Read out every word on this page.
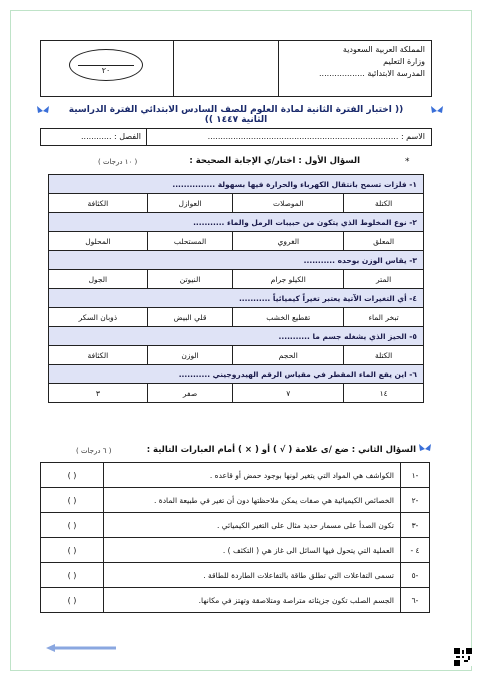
٢٠
المملكة العربية السعودية
وزارة التعليم
المدرسة الابتدائية ..................
(( اختبار الفترة الثانية لمادة العلوم للصف السادس الابتدائي الفترة الدراسية الثانية ١٤٤٧ ))
الاسم : ...........................................................................
الفصل : ............
السؤال الأول : اختار/ي الإجابة الصحيحة :
( ١٠ درجات )	*
١- فلزات تسمح بانتقال الكهرباء والحرارة فيها بسهولة ...............			
الكتلة	الموصلات	العوازل	الكثافة
٢- نوع المخلوط الذي يتكون من حبيبات الرمل والماء ...........			
المعلق	الغروي	المستحلب	المحلول
٣- يقاس الوزن بوحده ...........			
المتر	الكيلو جرام	النيوتن	الجول
٤- أي التغيرات الآتية يعتبر تغيراً كيميائياً ...........			
تبخر الماء	تقطيع الخشب	قلي البيض	ذوبان السكر
٥- الحيز الذي يشغله جسم ما ...........			
الكتلة	الحجم	الوزن	الكثافة
٦- اين يقع الماء المقطر في مقياس الرقم الهيدروجيني ...........			
١٤	٧	صفر	٣
السؤال الثاني : ضع /ى علامة ( √ ) أو ( × ) أمام العبارات التالية :
( ٦ درجات )
-١	الكواشف هي المواد التي يتغير لونها بوجود حمض أو قاعده .	( )
-٢	الخصائص الكيميائية هي صفات يمكن ملاحظتها دون أن تغير في طبيعة المادة .	( )
-٣	تكون الصدأ على مسمار حديد مثال على التغير الكيميائي .	( )
٤ -	العملية التي يتحول فيها السائل الى غاز هي ( التكثف ) .	( )
-٥	تسمى التفاعلات التي تطلق طاقة بالتفاعلات الطاردة للطاقة .	( )
-٦	الجسم الصلب تكون جزيئاته متراصة ومتلاصقة وتهتز في مكانها.	( )
